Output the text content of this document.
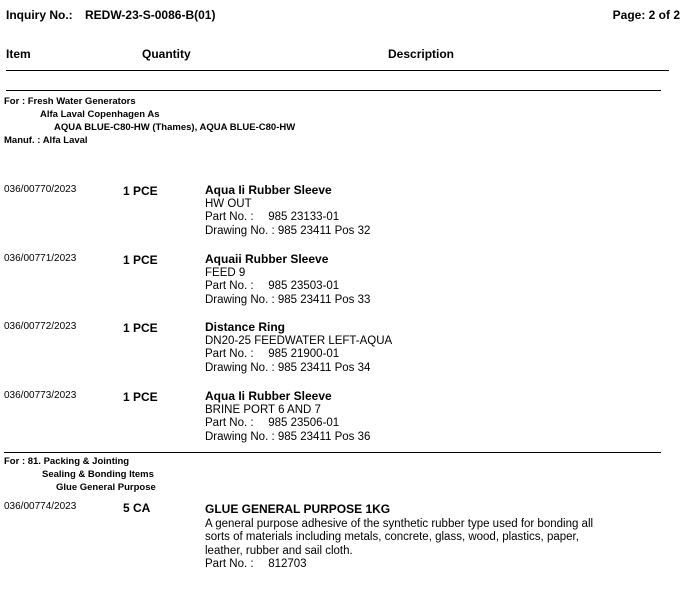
Inquiry No.: REDW-23-S-0086-B(01)	Page: 2 of 2
Item	Quantity	Description
For : Fresh Water Generators
Alfa Laval Copenhagen As
AQUA BLUE-C80-HW (Thames), AQUA BLUE-C80-HW
Manuf. : Alfa Laval
036/00770/2023	1 PCE	Aqua Ii Rubber Sleeve
HW OUT
Part No. : 985 23133-01
Drawing No. : 985 23411 Pos 32
036/00771/2023	1 PCE	Aquaii Rubber Sleeve
FEED 9
Part No. : 985 23503-01
Drawing No. : 985 23411 Pos 33
036/00772/2023	1 PCE	Distance Ring
DN20-25 FEEDWATER LEFT-AQUA
Part No. : 985 21900-01
Drawing No. : 985 23411 Pos 34
036/00773/2023	1 PCE	Aqua Ii Rubber Sleeve
BRINE PORT 6 AND 7
Part No. : 985 23506-01
Drawing No. : 985 23411 Pos 36
For : 81. Packing & Jointing
Sealing & Bonding Items
Glue General Purpose
036/00774/2023	5 CA	GLUE GENERAL PURPOSE 1KG
A general purpose adhesive of the synthetic rubber type used for bonding all
sorts of materials including metals, concrete, glass, wood, plastics, paper,
leather, rubber and sail cloth.
Part No. : 812703
